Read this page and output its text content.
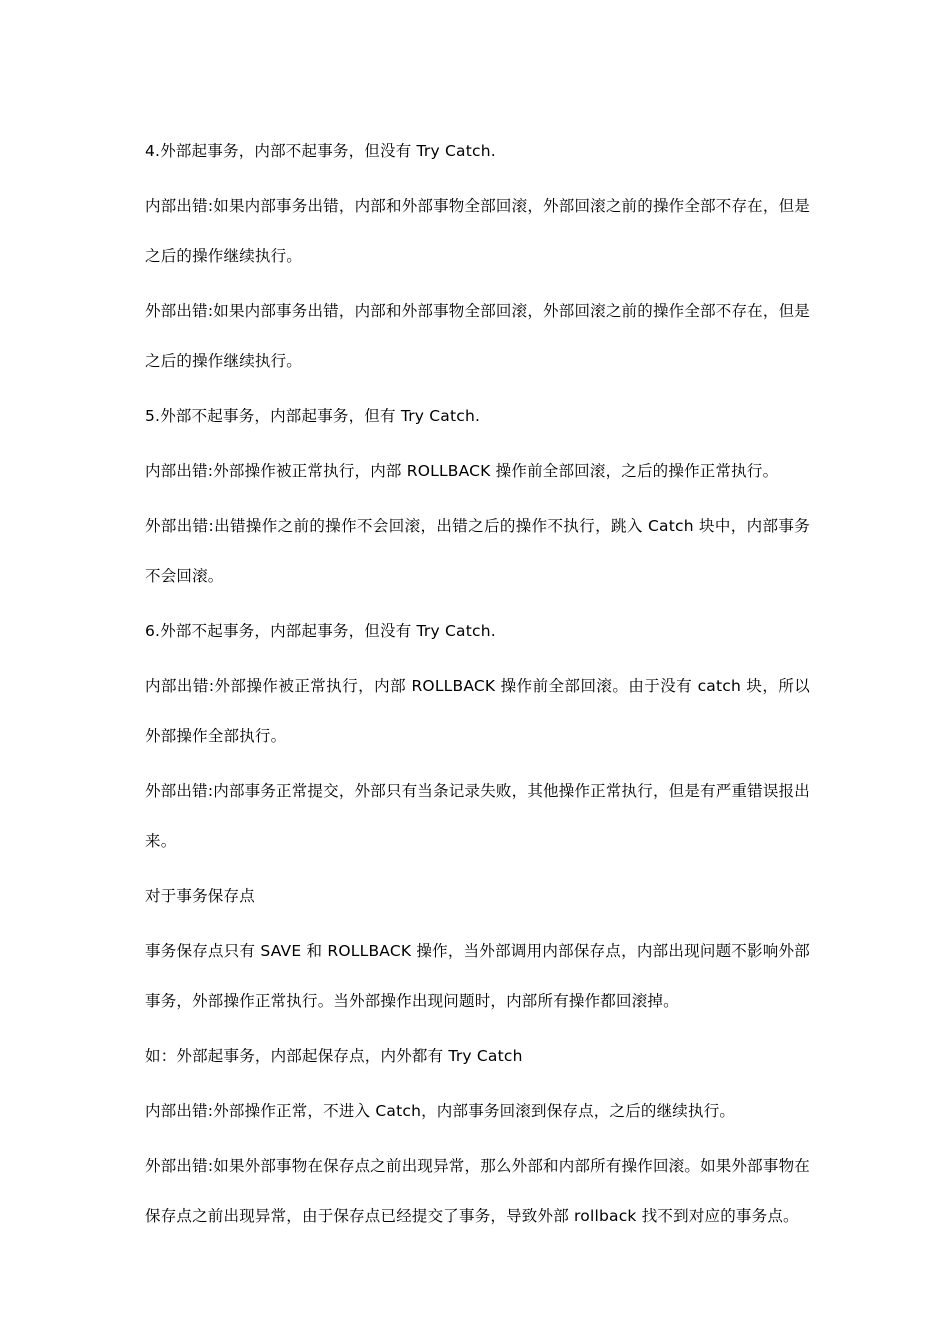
4.外部起事务，内部不起事务，但没有 Try Catch.

内部出错:如果内部事务出错，内部和外部事物全部回滚，外部回滚之前的操作全部不存在，但是之后的操作继续执行。

外部出错:如果内部事务出错，内部和外部事物全部回滚，外部回滚之前的操作全部不存在，但是之后的操作继续执行。

5.外部不起事务，内部起事务，但有 Try Catch.

内部出错:外部操作被正常执行，内部 ROLLBACK 操作前全部回滚，之后的操作正常执行。

外部出错:出错操作之前的操作不会回滚，出错之后的操作不执行，跳入 Catch 块中，内部事务不会回滚。

6.外部不起事务，内部起事务，但没有 Try Catch.

内部出错:外部操作被正常执行，内部 ROLLBACK 操作前全部回滚。由于没有 catch 块，所以外部操作全部执行。

外部出错:内部事务正常提交，外部只有当条记录失败，其他操作正常执行，但是有严重错误报出来。

对于事务保存点

事务保存点只有 SAVE 和 ROLLBACK 操作，当外部调用内部保存点，内部出现问题不影响外部事务，外部操作正常执行。当外部操作出现问题时，内部所有操作都回滚掉。

如：外部起事务，内部起保存点，内外都有 Try Catch

内部出错:外部操作正常，不进入 Catch，内部事务回滚到保存点，之后的继续执行。

外部出错:如果外部事物在保存点之前出现异常，那么外部和内部所有操作回滚。如果外部事物在保存点之前出现异常，由于保存点已经提交了事务，导致外部 rollback 找不到对应的事务点。
